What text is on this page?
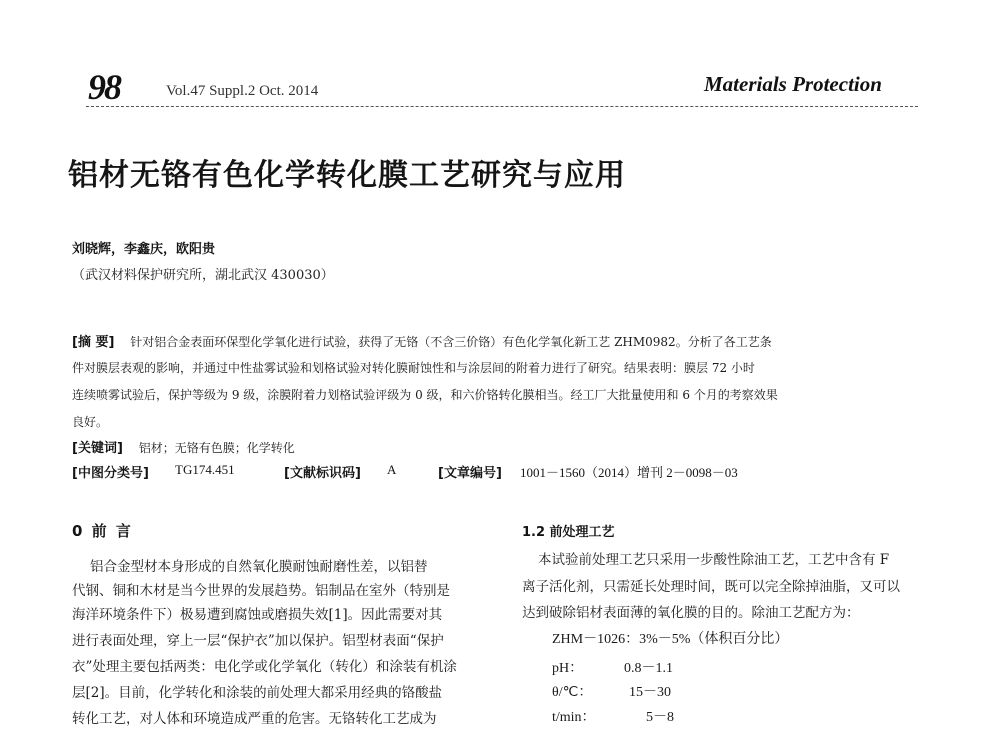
98	Vol.47 Suppl.2 Oct. 2014	Materials Protection
铝材无铬有色化学转化膜工艺研究与应用
刘晓辉，李鑫庆，欧阳贵
（武汉材料保护研究所，湖北武汉 430030）
[摘 要] 针对铝合金表面环保型化学氧化进行试验，获得了无铬（不含三价铬）有色化学氧化新工艺 ZHM0982。分析了各工艺条
件对膜层表观的影响，并通过中性盐雾试验和划格试验对转化膜耐蚀性和与涂层间的附着力进行了研究。结果表明：膜层 72 小时
连续喷雾试验后，保护等级为 9 级，涂膜附着力划格试验评级为 0 级，和六价铬转化膜相当。经工厂大批量使用和 6 个月的考察效果
良好。
[关键词] 铝材；无铬有色膜；化学转化
[中图分类号] TG174.451	[文献标识码] A	[文章编号] 1001－1560（2014）增刊 2－0098－03
0 前 言
铝合金型材本身形成的自然氧化膜耐蚀耐磨性差，以铝替
代钢、铜和木材是当今世界的发展趋势。铝制品在室外（特别是
海洋环境条件下）极易遭到腐蚀或磨损失效[1]。因此需要对其
进行表面处理，穿上一层“保护衣”加以保护。铝型材表面“保护
衣”处理主要包括两类：电化学或化学氧化（转化）和涂装有机涂
层[2]。目前，化学转化和涂装的前处理大都采用经典的铬酸盐
转化工艺，对人体和环境造成严重的危害。无铬转化工艺成为
1.2 前处理工艺
本试验前处理工艺只采用一步酸性除油工艺，工艺中含有 F
离子活化剂，只需延长处理时间，既可以完全除掉油脂，又可以
达到破除铝材表面薄的氧化膜的目的。除油工艺配方为：
ZHM－1026：3%－5%（体积百分比）
pH：	0.8－1.1
θ/℃：	15－30
t/min：	5－8
